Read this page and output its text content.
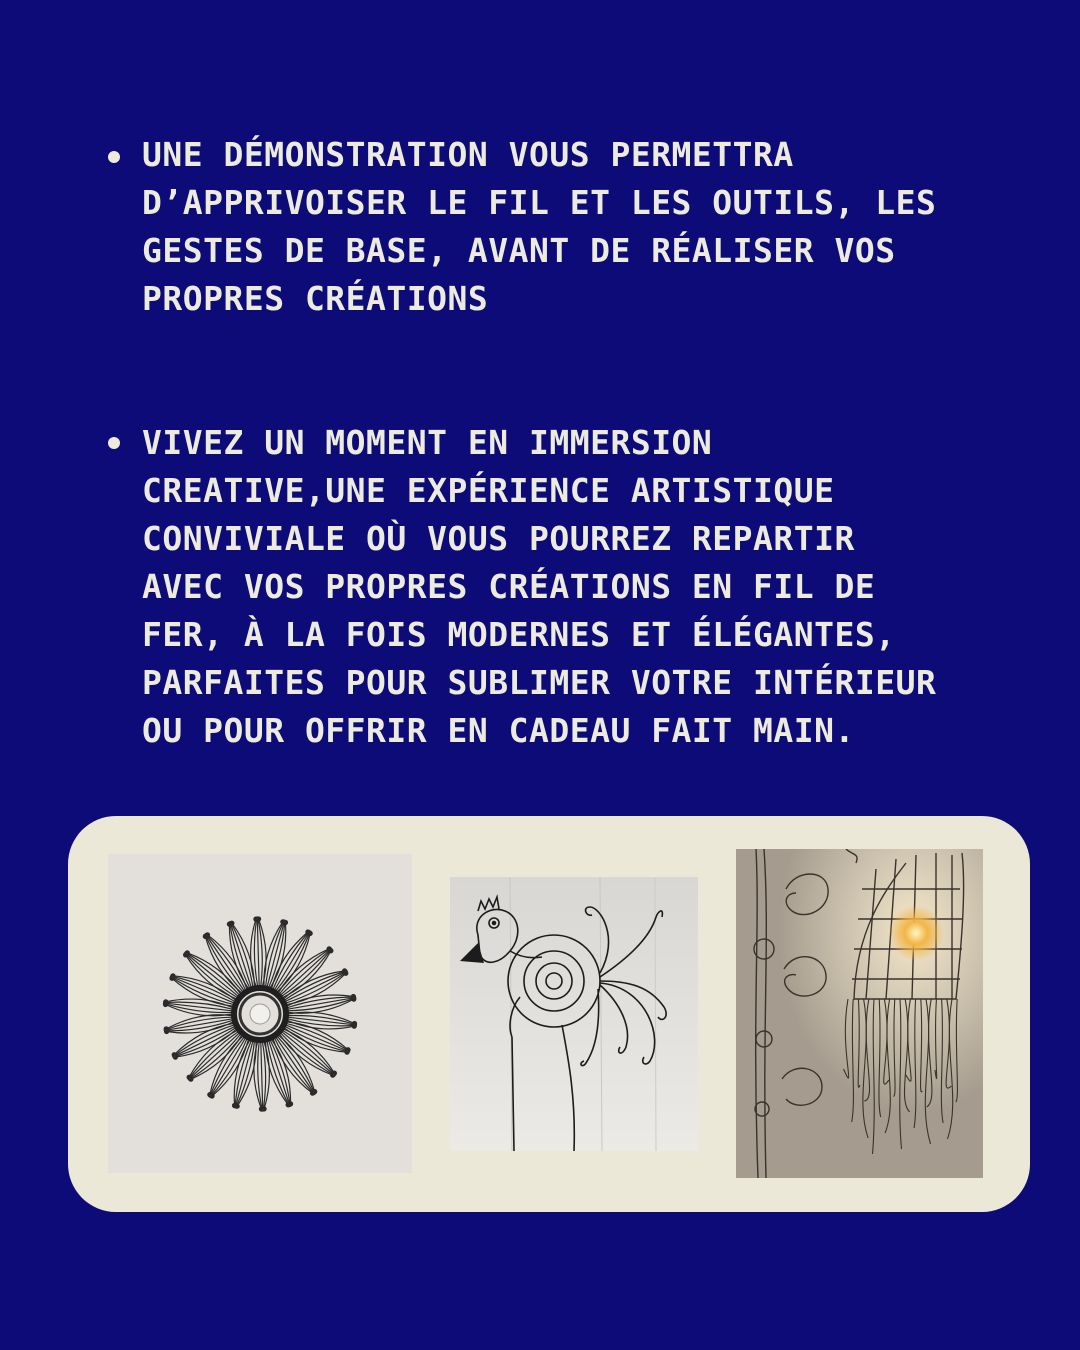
UNE DÉMONSTRATION VOUS PERMETTRA
D’APPRIVOISER LE FIL ET LES OUTILS, LES
GESTES DE BASE, AVANT DE RÉALISER VOS
PROPRES CRÉATIONS

VIVEZ UN MOMENT EN IMMERSION
CREATIVE,UNE EXPÉRIENCE ARTISTIQUE
CONVIVIALE OÙ VOUS POURREZ REPARTIR
AVEC VOS PROPRES CRÉATIONS EN FIL DE
FER, À LA FOIS MODERNES ET ÉLÉGANTES,
PARFAITES POUR SUBLIMER VOTRE INTÉRIEUR
OU POUR OFFRIR EN CADEAU FAIT MAIN.
